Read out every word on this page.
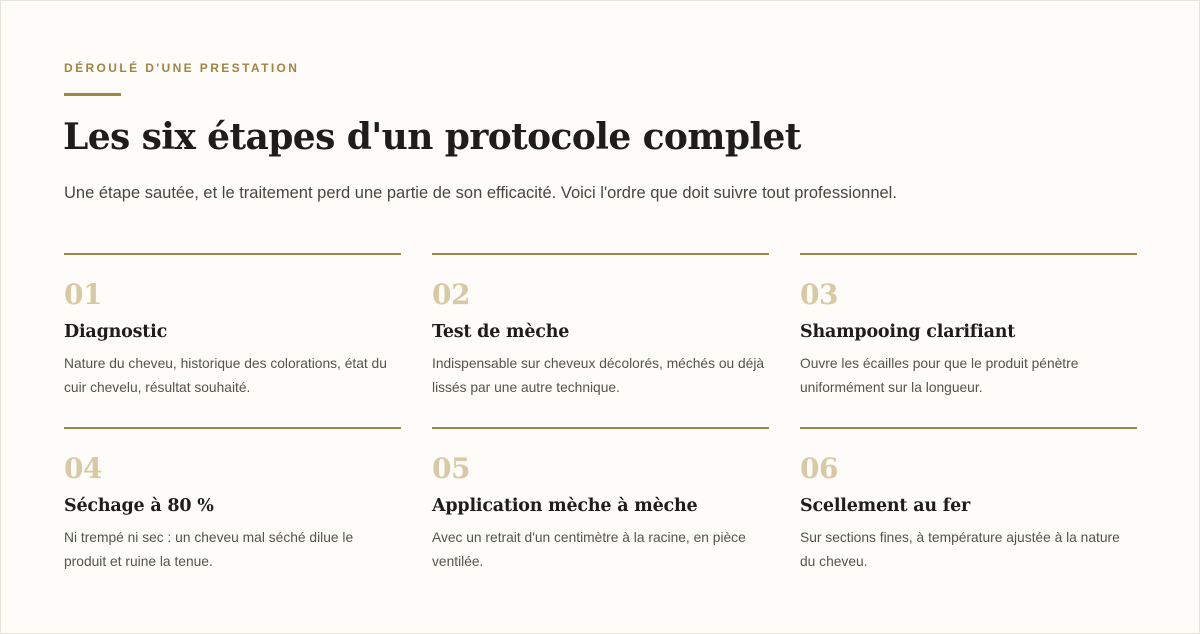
DÉROULÉ D'UNE PRESTATION
Les six étapes d'un protocole complet

Une étape sautée, et le traitement perd une partie de son efficacité. Voici l'ordre que doit suivre tout professionnel.

01
Diagnostic
Nature du cheveu, historique des colorations, état du cuir chevelu, résultat souhaité.
02
Test de mèche
Indispensable sur cheveux décolorés, méchés ou déjà lissés par une autre technique.
03
Shampooing clarifiant
Ouvre les écailles pour que le produit pénètre uniformément sur la longueur.
04
Séchage à 80 %
Ni trempé ni sec : un cheveu mal séché dilue le produit et ruine la tenue.
05
Application mèche à mèche
Avec un retrait d'un centimètre à la racine, en pièce ventilée.
06
Scellement au fer
Sur sections fines, à température ajustée à la nature du cheveu.
